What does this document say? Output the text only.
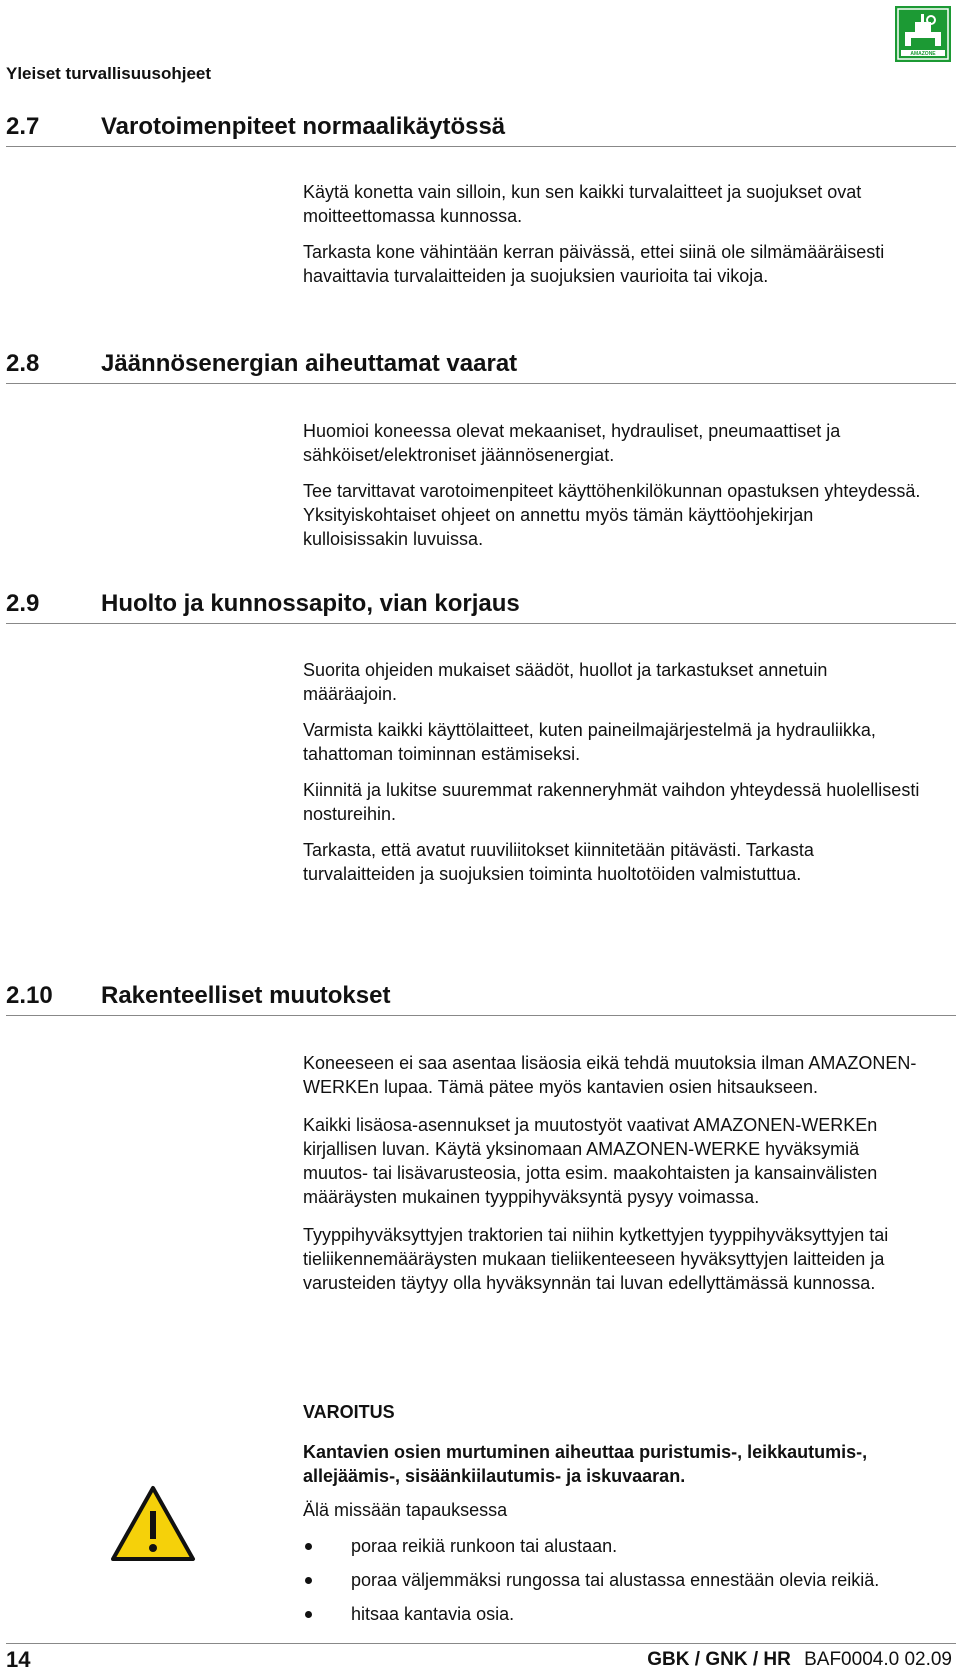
Yleiset turvallisuusohjeet
AMAZONE
2.7	Varotoimenpiteet normaalikäytössä

Käytä konetta vain silloin, kun sen kaikki turvalaitteet ja suojukset ovat moitteettomassa kunnossa.

Tarkasta kone vähintään kerran päivässä, ettei siinä ole silmämääräisesti havaittavia turvalaitteiden ja suojuksien vaurioita tai vikoja.

2.8	Jäännösenergian aiheuttamat vaarat

Huomioi koneessa olevat mekaaniset, hydrauliset, pneumaattiset ja sähköiset/elektroniset jäännösenergiat.

Tee tarvittavat varotoimenpiteet käyttöhenkilökunnan opastuksen yhteydessä. Yksityiskohtaiset ohjeet on annettu myös tämän käyttöohjekirjan kulloisissakin luvuissa.

2.9	Huolto ja kunnossapito, vian korjaus

Suorita ohjeiden mukaiset säädöt, huollot ja tarkastukset annetuin määräajoin.

Varmista kaikki käyttölaitteet, kuten paineilmajärjestelmä ja hydrauliikka, tahattoman toiminnan estämiseksi.

Kiinnitä ja lukitse suuremmat rakenneryhmät vaihdon yhteydessä huolellisesti nostureihin.

Tarkasta, että avatut ruuviliitokset kiinnitetään pitävästi. Tarkasta turvalaitteiden ja suojuksien toiminta huoltotöiden valmistuttua.

2.10 Rakenteelliset muutokset

Koneeseen ei saa asentaa lisäosia eikä tehdä muutoksia ilman AMAZONEN-WERKEn lupaa. Tämä pätee myös kantavien osien hitsaukseen.

Kaikki lisäosa-asennukset ja muutostyöt vaativat AMAZONEN-WERKEn kirjallisen luvan. Käytä yksinomaan AMAZONEN-WERKE hyväksymiä muutos- tai lisävarusteosia, jotta esim. maakohtaisten ja kansainvälisten määräysten mukainen tyyppihyväksyntä pysyy voimassa.

Tyyppihyväksyttyjen traktorien tai niihin kytkettyjen tyyppihyväksyttyjen tai tieliikennemääräysten mukaan tieliikenteeseen hyväksyttyjen laitteiden ja varusteiden täytyy olla hyväksynnän tai luvan edellyttämässä kunnossa.

VAROITUS
Kantavien osien murtuminen aiheuttaa puristumis-, leikkautumis-, allejäämis-, sisäänkiilautumis- ja iskuvaaran.
Älä missään tapauksessa
poraa reikiä runkoon tai alustaan.
poraa väljemmäksi rungossa tai alustassa ennestään olevia reikiä.
hitsaa kantavia osia.
14	GBK / GNK / HR BAF0004.0 02.09
